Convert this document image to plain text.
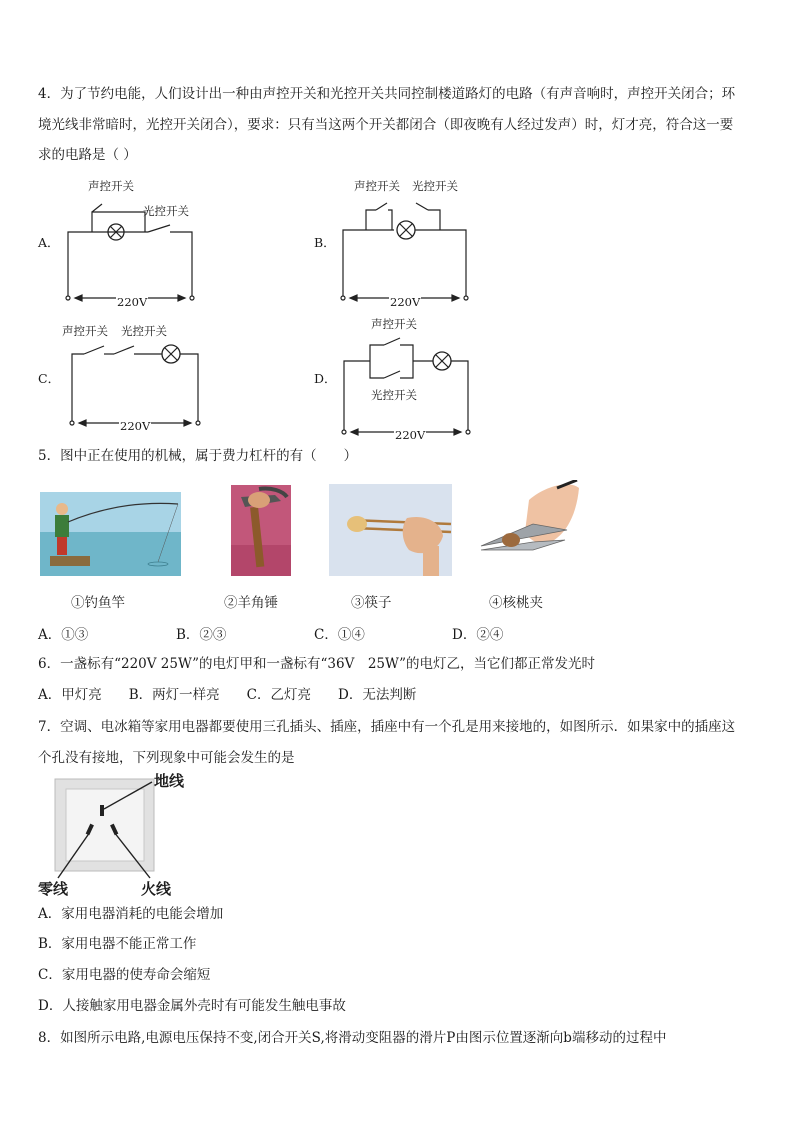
4．为了节约电能，人们设计出一种由声控开关和光控开关共同控制楼道路灯的电路（有声音响时，声控开关闭合；环
境光线非常暗时，光控开关闭合），要求：只有当这两个开关都闭合（即夜晚有人经过发声）时，灯才亮，符合这一要
求的电路是（ ）
A．
声控开关
光控开关
220V
B．
声控开关 光控开关
220V
C．
声控开关 光控开关
220V
D．
声控开关
光控开关
220V
5．图中正在使用的机械，属于费力杠杆的有（　　）
①钓鱼竿	②羊角锤	③筷子	④核桃夹
A．①③	B．②③	C．①④	D．②④
6．一盏标有“220V 25W”的电灯甲和一盏标有“36V　25W”的电灯乙，当它们都正常发光时
A．甲灯亮　　B．两灯一样亮　　C．乙灯亮　　D．无法判断
7．空调、电冰箱等家用电器都要使用三孔插头、插座，插座中有一个孔是用来接地的，如图所示．如果家中的插座这
个孔没有接地，下列现象中可能会发生的是
地线
零线	火线
A．家用电器消耗的电能会增加
B．家用电器不能正常工作
C．家用电器的使寿命会缩短
D．人接触家用电器金属外壳时有可能发生触电事故
8．如图所示电路,电源电压保持不变,闭合开关S,将滑动变阻器的滑片P由图示位置逐渐向b端移动的过程中
